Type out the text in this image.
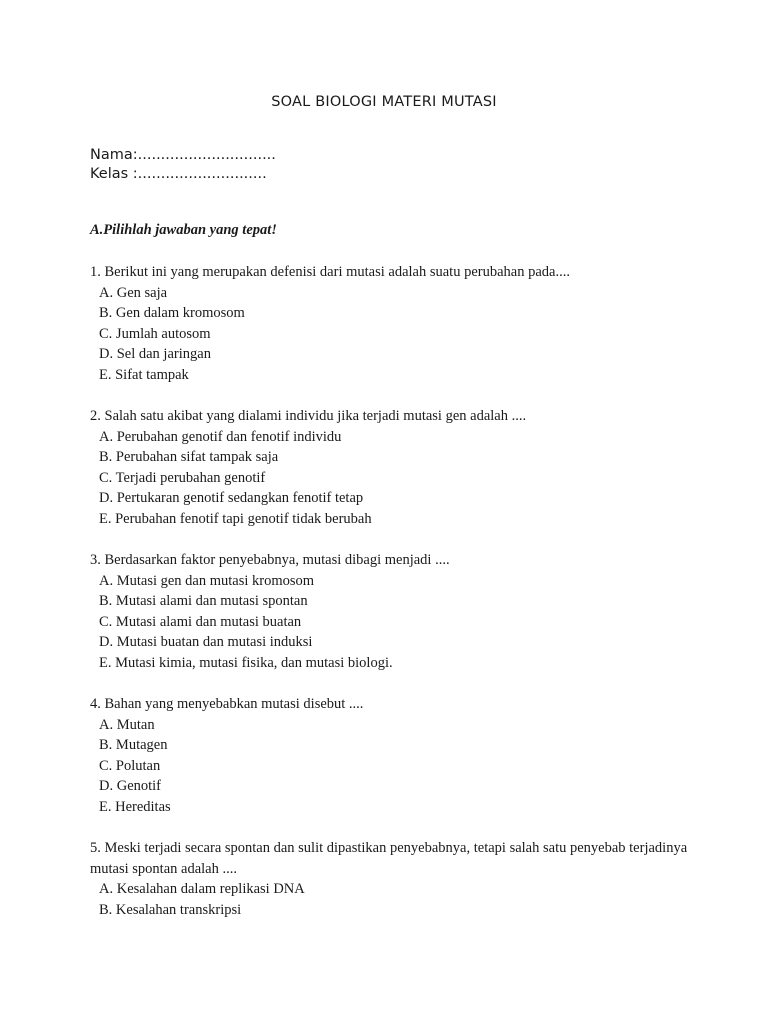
SOAL BIOLOGI MATERI MUTASI
Nama:..............................
Kelas :............................
A.Pilihlah jawaban yang tepat!

1. Berikut ini yang merupakan defenisi dari mutasi adalah suatu perubahan pada....

A. Gen saja

B. Gen dalam kromosom

C. Jumlah autosom

D. Sel dan jaringan

E. Sifat tampak

2. Salah satu akibat yang dialami individu jika terjadi mutasi gen adalah ....

A. Perubahan genotif dan fenotif individu

B. Perubahan sifat tampak saja

C. Terjadi perubahan genotif

D. Pertukaran genotif sedangkan fenotif tetap

E. Perubahan fenotif tapi genotif tidak berubah

3. Berdasarkan faktor penyebabnya, mutasi dibagi menjadi ....

A. Mutasi gen dan mutasi kromosom

B. Mutasi alami dan mutasi spontan

C. Mutasi alami dan mutasi buatan

D. Mutasi buatan dan mutasi induksi

E. Mutasi kimia, mutasi fisika, dan mutasi biologi.

4. Bahan yang menyebabkan mutasi disebut ....

A. Mutan

B. Mutagen

C. Polutan

D. Genotif

E. Hereditas

5. Meski terjadi secara spontan dan sulit dipastikan penyebabnya, tetapi salah satu penyebab terjadinya mutasi spontan adalah ....

A. Kesalahan dalam replikasi DNA

B. Kesalahan transkripsi
